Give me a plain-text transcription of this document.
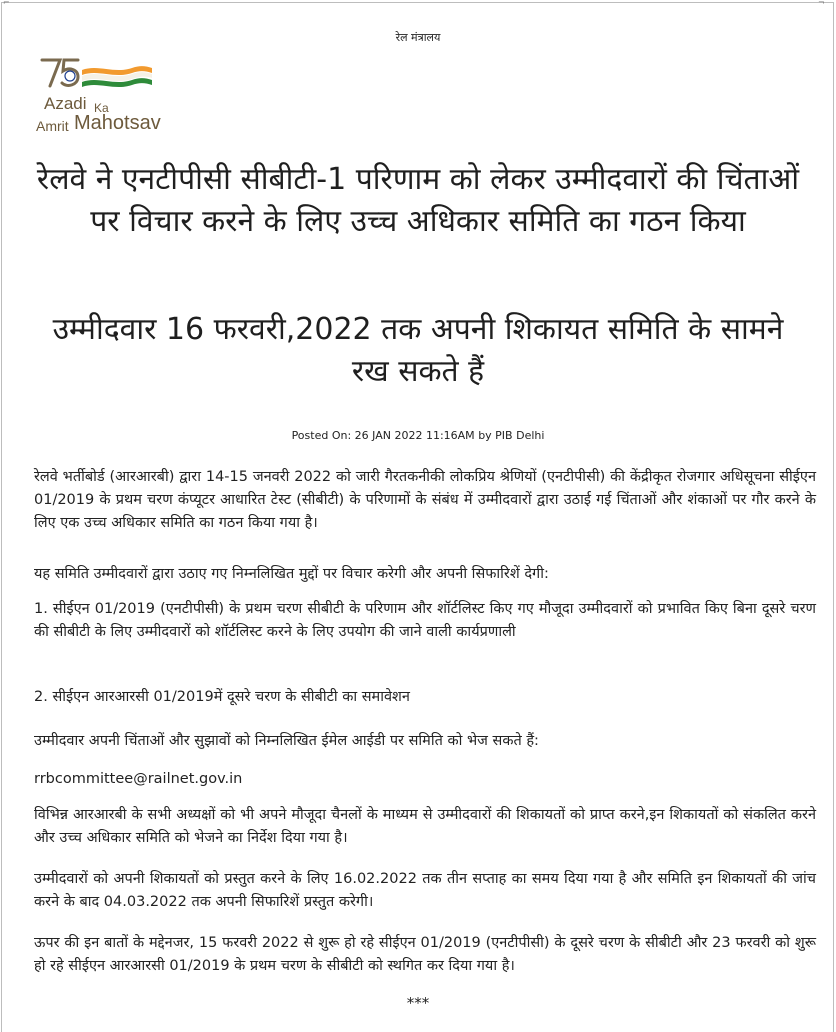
⌐	¬
रेल मंत्रालय
Azadi Ka
Amrit Mahotsav
रेलवे ने एनटीपीसी सीबीटी-1 परिणाम को लेकर उम्मीदवारों की चिंताओं पर विचार करने के लिए उच्च अधिकार समिति का गठन किया
उम्मीदवार 16 फरवरी,2022 तक अपनी शिकायत समिति के सामने रख सकते हैं
Posted On: 26 JAN 2022 11:16AM by PIB Delhi

रेलवे भर्तीबोर्ड (आरआरबी) द्वारा 14-15 जनवरी 2022 को जारी गैरतकनीकी लोकप्रिय श्रेणियों (एनटीपीसी) की केंद्रीकृत रोजगार अधिसूचना सीईएन 01/2019 के प्रथम चरण कंप्यूटर आधारित टेस्ट (सीबीटी) के परिणामों के संबंध में उम्मीदवारों द्वारा उठाई गई चिंताओं और शंकाओं पर गौर करने के लिए एक उच्च अधिकार समिति का गठन किया गया है।

यह समिति उम्मीदवारों द्वारा उठाए गए निम्नलिखित मुद्दों पर विचार करेगी और अपनी सिफारिशें देगी:

1. सीईएन 01/2019 (एनटीपीसी) के प्रथम चरण सीबीटी के परिणाम और शॉर्टलिस्ट किए गए मौजूदा उम्मीदवारों को प्रभावित किए बिना दूसरे चरण की सीबीटी के लिए उम्मीदवारों को शॉर्टलिस्ट करने के लिए उपयोग की जाने वाली कार्यप्रणाली

2. सीईएन आरआरसी 01/2019में दूसरे चरण के सीबीटी का समावेशन

उम्मीदवार अपनी चिंताओं और सुझावों को निम्नलिखित ईमेल आईडी पर समिति को भेज सकते हैं:

rrbcommittee@railnet.gov.in

विभिन्न आरआरबी के सभी अध्यक्षों को भी अपने मौजूदा चैनलों के माध्यम से उम्मीदवारों की शिकायतों को प्राप्त करने,इन शिकायतों को संकलित करने और उच्च अधिकार समिति को भेजने का निर्देश दिया गया है।

उम्मीदवारों को अपनी शिकायतों को प्रस्तुत करने के लिए 16.02.2022 तक तीन सप्ताह का समय दिया गया है और समिति इन शिकायतों की जांच करने के बाद 04.03.2022 तक अपनी सिफारिशें प्रस्तुत करेगी।

ऊपर की इन बातों के मद्देनजर, 15 फरवरी 2022 से शुरू हो रहे सीईएन 01/2019 (एनटीपीसी) के दूसरे चरण के सीबीटी और 23 फरवरी को शुरू हो रहे सीईएन आरआरसी 01/2019 के प्रथम चरण के सीबीटी को स्थगित कर दिया गया है।

***
